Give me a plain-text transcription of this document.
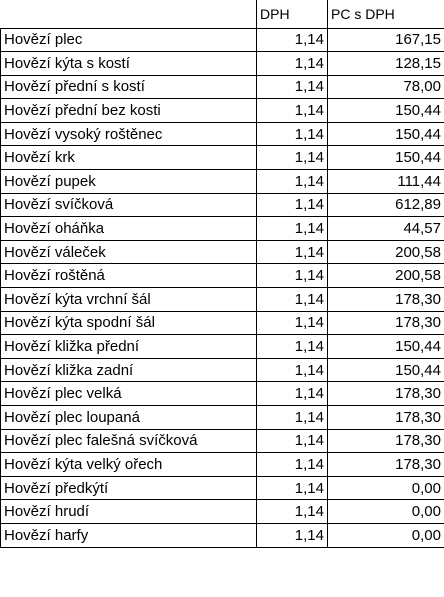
	DPH	PC s DPH
Hovězí plec	1,14	167,15
Hovězí kýta s kostí	1,14	128,15
Hovězí přední s kostí	1,14	78,00
Hovězí přední bez kosti	1,14	150,44
Hovězí vysoký roštěnec	1,14	150,44
Hovězí krk	1,14	150,44
Hovězí pupek	1,14	111,44
Hovězí svíčková	1,14	612,89
Hovězí oháňka	1,14	44,57
Hovězí váleček	1,14	200,58
Hovězí roštěná	1,14	200,58
Hovězí kýta vrchní šál	1,14	178,30
Hovězí kýta spodní šál	1,14	178,30
Hovězí kližka přední	1,14	150,44
Hovězí kližka zadní	1,14	150,44
Hovězí plec velká	1,14	178,30
Hovězí plec loupaná	1,14	178,30
Hovězí plec falešná svíčková	1,14	178,30
Hovězí kýta velký ořech	1,14	178,30
Hovězí předkýtí	1,14	0,00
Hovězí hrudí	1,14	0,00
Hovězí harfy	1,14	0,00
